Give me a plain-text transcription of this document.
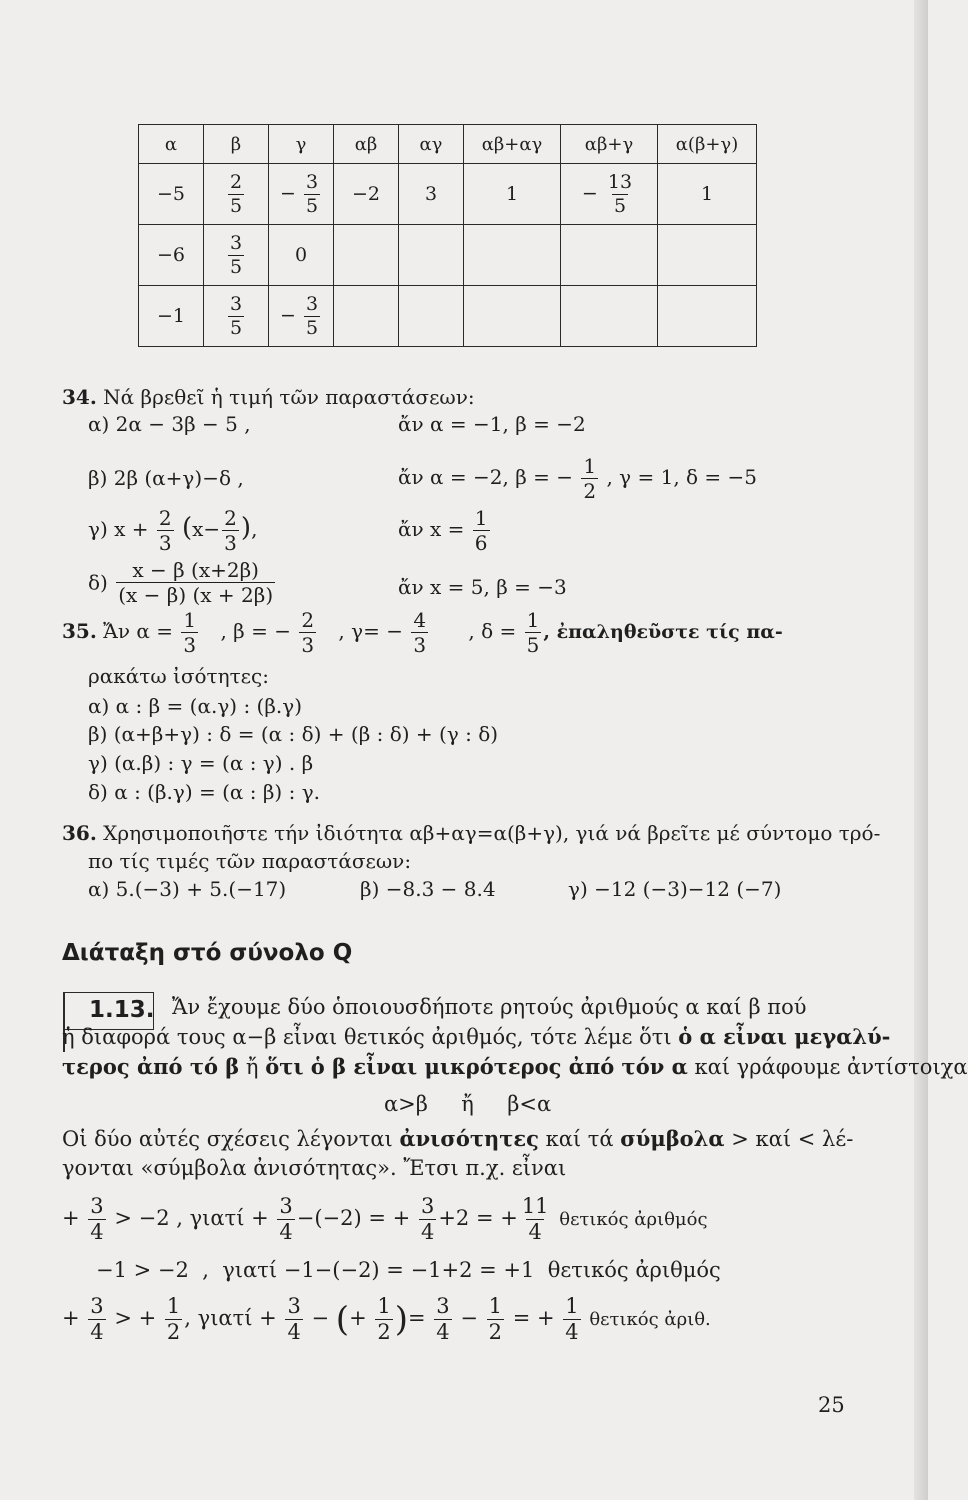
α	β	γ	αβ	αγ	αβ+αγ	αβ+γ	α(β+γ)
−5	$\frac{2}{5}$	− $\frac{3}{5}$	−2	3	1	− $\frac{13}{5}$	1
−6	$\frac{3}{5}$	0					
−1	$\frac{3}{5}$	− $\frac{3}{5}$

34. Νά βρεθεῖ ἡ τιμή τῶν παραστάσεων:
α) 2α − 3β − 5 ,	ἄν α = −1, β = −2
β) 2β (α+γ)−δ ,	ἄν α = −2, β = − $\frac{1}{2}$ , γ = 1, δ = −5
γ) $x + \frac{2}{3} (x- \frac{2}{3}$ ),	ἄν $x = \frac{1}{6}$
$\delta) \frac{x - \beta (x+2\beta)}{(x - \beta) (x + 2\beta)}$	ἄν x = 5, β = −3
35. Ἄν $\alpha = \frac{1}{3}$ , β = − $\frac{2}{3}$ , $\gamma= - \frac{4}{3}$ , $\delta = \frac{1}{5}$ , ἐπαληθεῦστε τίς πα-
ρακάτω ἰσότητες:
α) α : β = (α.γ) : (β.γ)
β) (α+β+γ) : δ = (α : δ) + (β : δ) + (γ : δ)
γ) (α.β) : γ = (α : γ) . β
δ) α : (β.γ) = (α : β) : γ.
36. Χρησιμοποιῆστε τήν ἰδιότητα αβ+αγ=α(β+γ), γιά νά βρεῖτε μέ σύντομο τρό-
πο τίς τιμές τῶν παραστάσεων:
α) 5.(−3) + 5.(−17)	β) −8.3 − 8.4	γ) −12 (−3)−12 (−7)
Διάταξη στό σύνολο Q
1.13. Ἄν ἔχουμε δύο ὁποιουσδήποτε ρητούς ἀριθμούς α καί β πού
ἡ διαφορά τους α−β εἶναι θετικός ἀριθμός, τότε λέμε ὅτι ὁ α εἶναι μεγαλύ-
τερος ἀπό τό β ἤ ὅτι ὁ β εἶναι μικρότερος ἀπό τόν α καί γράφουμε ἀντίστοιχα
α>β     ἤ     β<α
Οἱ δύο αὐτές σχέσεις λέγονται ἀνισότητες καί τά σύμβολα > καί < λέ-
γονται «σύμβολα ἀνισότητας». Ἔτσι π.χ. εἶναι
+ $\frac{3}{4} > -2$ , $\gamma\iota\alpha\tau ί + \frac{3}{4} -(-2)$ = + $\frac{3}{4} +2$ = + $\frac{11}{4}$ θετικός ἀριθμός
−1 > −2  ,  γιατί −1−(−2) = −1+2 = +1  θετικός ἀριθμός
+ $\frac{3}{4}$ > + $\frac{1}{2}$ , $\gamma\iota\alpha\tau ί + \frac{3}{4}$ − (+ $\frac{1}{2}$ )= $\frac{3}{4} - \frac{1}{2}$ = + $\frac{1}{4}$ θετικός ἀριθ.
25
